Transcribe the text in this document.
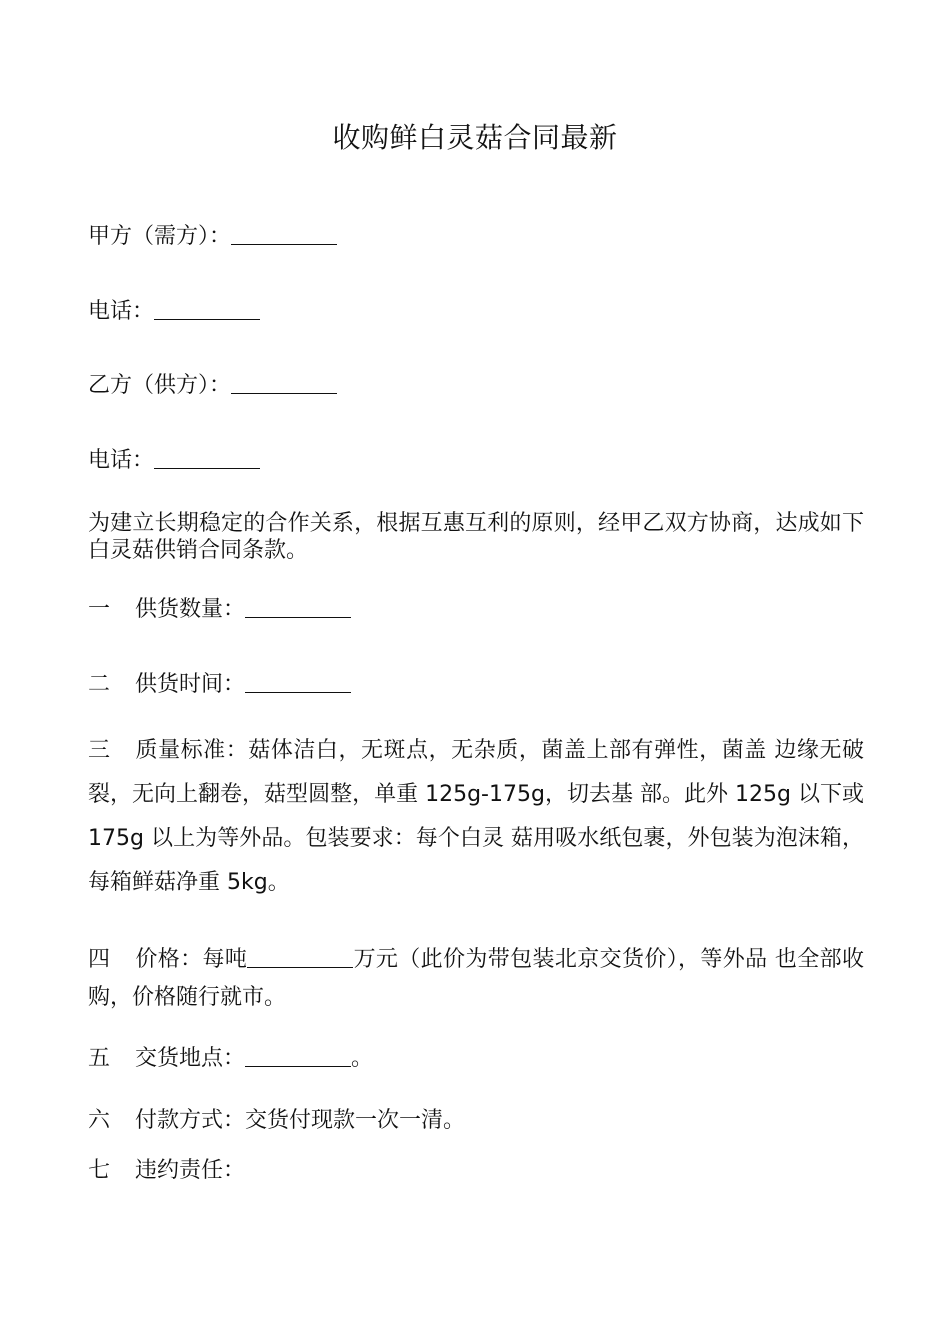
收购鲜白灵菇合同最新
甲方（需方）：
电话：
乙方（供方）：
电话：
为建立长期稳定的合作关系，根据互惠互利的原则，经甲乙双方协商，达成如下白灵菇供销合同条款。
一 供货数量：
二 供货时间：
三 质量标准：菇体洁白，无斑点，无杂质，菌盖上部有弹性，菌盖 边缘无破裂，无向上翻卷，菇型圆整，单重 125g-175g，切去基 部。此外 125g 以下或 175g 以上为等外品。包装要求：每个白灵 菇用吸水纸包裹，外包装为泡沫箱，每箱鲜菇净重 5kg。
四 价格：每吨	万元（此价为带包装北京交货价），等外品 也全部收购，价格随行就市。
五 交货地点：	。
六 付款方式：交货付现款一次一清。
七 违约责任：
